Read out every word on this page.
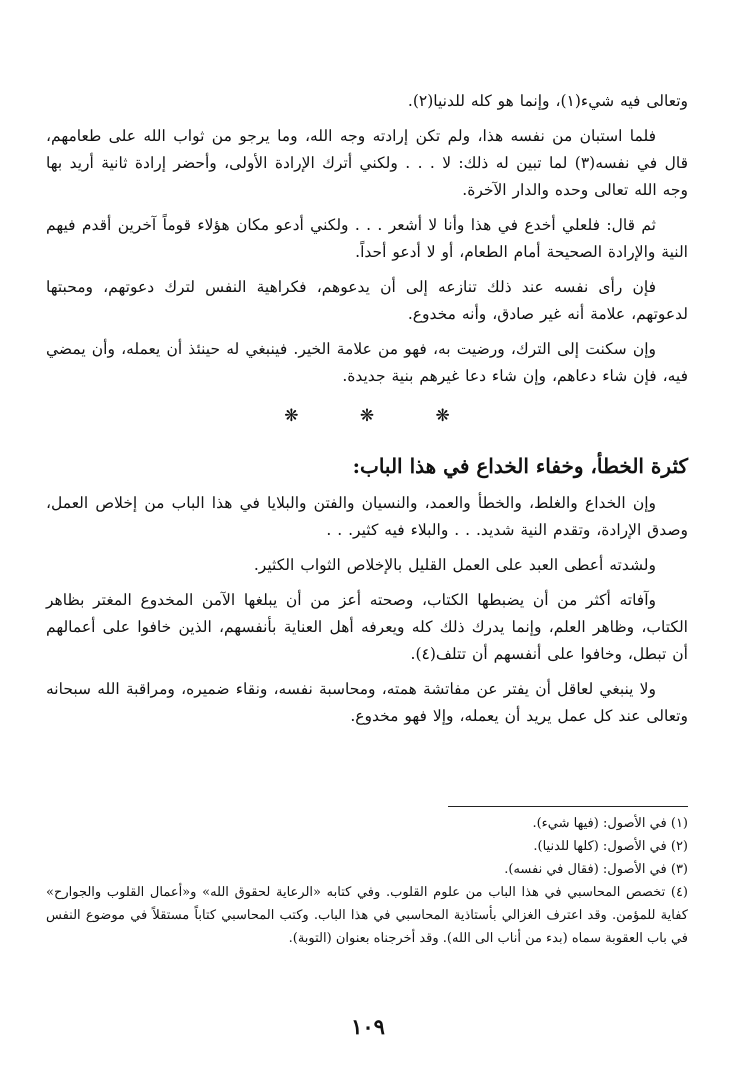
وتعالى فيه شيء(١)، وإنما هو كله للدنيا(٢).

فلما استبان من نفسه هذا، ولم تكن إرادته وجه الله، وما يرجو من ثواب الله على طعامهم، قال في نفسه(٣) لما تبين له ذلك: لا . . . ولكني أترك الإرادة الأولى، وأحضر إرادة ثانية أريد بها وجه الله تعالى وحده والدار الآخرة.

ثم قال: فلعلي أخدع في هذا وأنا لا أشعر . . . ولكني أدعو مكان هؤلاء قوماً آخرين أقدم فيهم النية والإرادة الصحيحة أمام الطعام، أو لا أدعو أحداً.

فإن رأى نفسه عند ذلك تنازعه إلى أن يدعوهم، فكراهية النفس لترك دعوتهم، ومحبتها لدعوتهم، علامة أنه غير صادق، وأنه مخدوع.

وإن سكنت إلى الترك، ورضيت به، فهو من علامة الخير. فينبغي له حينئذ أن يعمله، وأن يمضي فيه، فإن شاء دعاهم، وإن شاء دعا غيرهم بنية جديدة.

❋ ❋ ❋
كثرة الخطأ، وخفاء الخداع في هذا الباب:

وإن الخداع والغلط، والخطأ والعمد، والنسيان والفتن والبلايا في هذا الباب من إخلاص العمل، وصدق الإرادة، وتقدم النية شديد. . . والبلاء فيه كثير. . .

ولشدته أعطى العبد على العمل القليل بالإخلاص الثواب الكثير.

وآفاته أكثر من أن يضبطها الكتاب، وصحته أعز من أن يبلغها الآمن المخدوع المغتر بظاهر الكتاب، وظاهر العلم، وإنما يدرك ذلك كله ويعرفه أهل العناية بأنفسهم، الذين خافوا على أعمالهم أن تبطل، وخافوا على أنفسهم أن تتلف(٤).

ولا ينبغي لعاقل أن يفتر عن مفاتشة همته، ومحاسبة نفسه، ونقاء ضميره، ومراقبة الله سبحانه وتعالى عند كل عمل يريد أن يعمله، وإلا فهو مخدوع.

(١) في الأصول: (فيها شيء).

(٢) في الأصول: (كلها للدنيا).

(٣) في الأصول: (فقال في نفسه).

(٤) تخصص المحاسبي في هذا الباب من علوم القلوب. وفي كتابه «الرعاية لحقوق الله» و«أعمال القلوب والجوارح» كفاية للمؤمن. وقد اعترف الغزالي بأستاذية المحاسبي في هذا الباب. وكتب المحاسبي كتاباً مستقلاً في موضوع النفس في باب العقوبة سماه (بدء من أناب الى الله). وقد أخرجناه بعنوان (التوبة).

١٠٩
